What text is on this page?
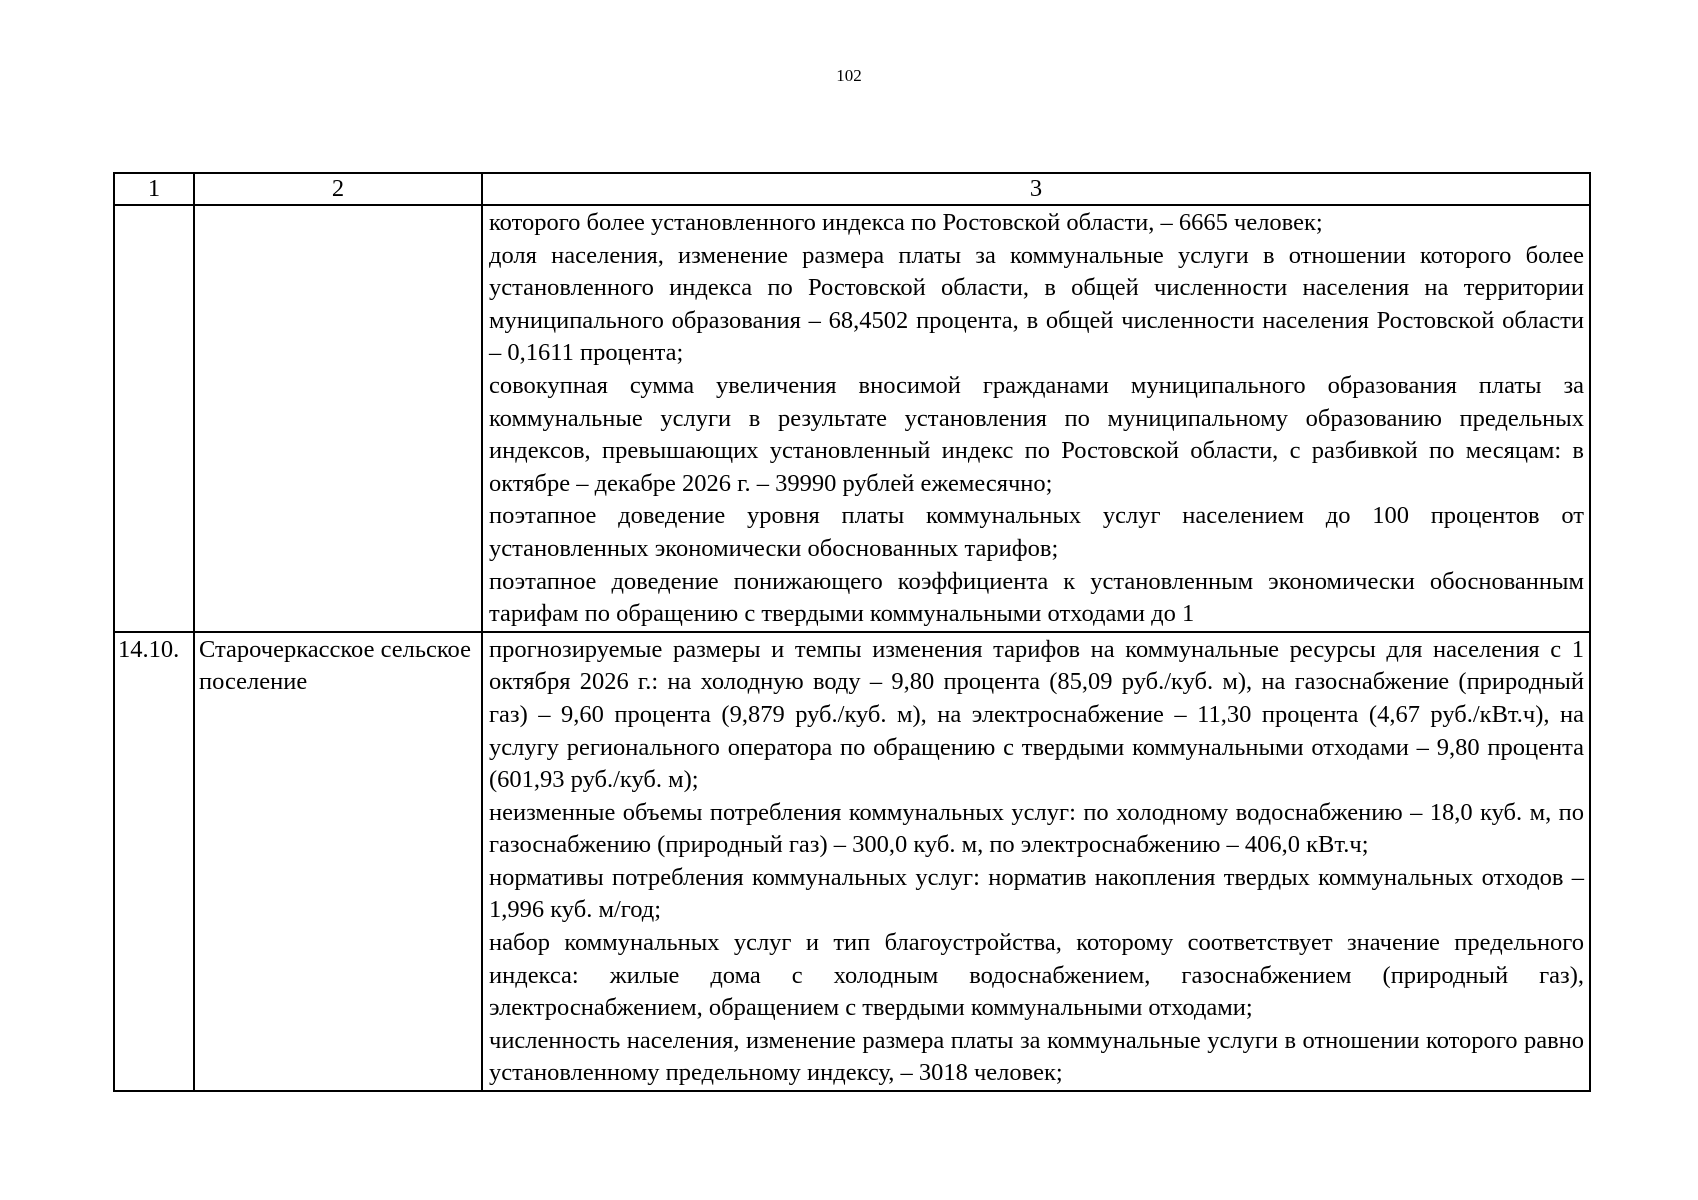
102
1	2	3

		которого более установленного индекса по Ростовской области, – 6665 человек;

доля населения, изменение размера платы за коммунальные услуги в отношении которого более установленного индекса по Ростовской области, в общей численности населения на территории муниципального образования – 68,4502 процента, в общей численности населения Ростовской области – 0,1611 процента;

совокупная сумма увеличения вносимой гражданами муниципального образования платы за коммунальные услуги в результате установления по муниципальному образованию предельных индексов, превышающих установленный индекс по Ростовской области, с разбивкой по месяцам: в октябре – декабре 2026 г. – 39990 рублей ежемесячно;

поэтапное доведение уровня платы коммунальных услуг населением до 100 процентов от установленных экономически обоснованных тарифов;

поэтапное доведение понижающего коэффициента к установленным экономически обоснованным тарифам по обращению с твердыми коммунальными отходами до 1

14.10.	Старочеркасское сельское поселение	прогнозируемые размеры и темпы изменения тарифов на коммунальные ресурсы для населения с 1 октября 2026 г.: на холодную воду – 9,80 процента (85,09 руб./куб. м), на газоснабжение (природный газ) – 9,60 процента (9,879 руб./куб. м), на электроснабжение – 11,30 процента (4,67 руб./кВт.ч), на услугу регионального оператора по обращению с твердыми коммунальными отходами – 9,80 процента (601,93 руб./куб. м);

неизменные объемы потребления коммунальных услуг: по холодному водоснабжению – 18,0 куб. м, по газоснабжению (природный газ) – 300,0 куб. м, по электроснабжению – 406,0 кВт.ч;

нормативы потребления коммунальных услуг: норматив накопления твердых коммунальных отходов – 1,996 куб. м/год;

набор коммунальных услуг и тип благоустройства, которому соответствует значение предельного индекса: жилые дома с холодным водоснабжением, газоснабжением (природный газ), электроснабжением, обращением с твердыми коммунальными отходами;

численность населения, изменение размера платы за коммунальные услуги в отношении которого равно установленному предельному индексу, – 3018 человек;
